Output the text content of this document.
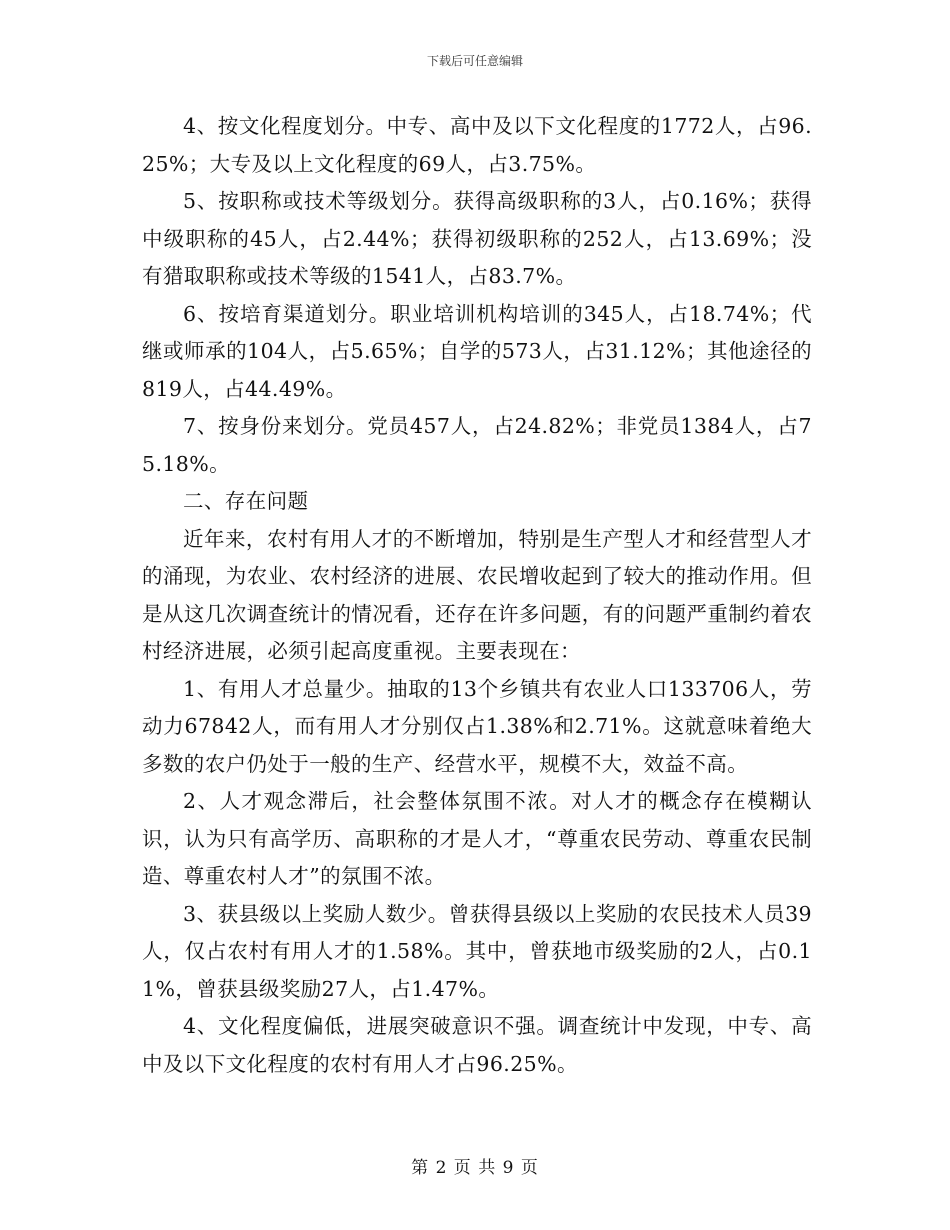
下载后可任意编辑

4、按文化程度划分。中专、高中及以下文化程度的1772人，占96.25%；大专及以上文化程度的69人，占3.75%。

5、按职称或技术等级划分。获得高级职称的3人，占0.16%；获得中级职称的45人，占2.44%；获得初级职称的252人，占13.69%；没有猎取职称或技术等级的1541人，占83.7%。

6、按培育渠道划分。职业培训机构培训的345人，占18.74%；代继或师承的104人，占5.65%；自学的573人，占31.12%；其他途径的819人，占44.49%。

7、按身份来划分。党员457人，占24.82%；非党员1384人，占75.18%。

二、存在问题

近年来，农村有用人才的不断增加，特别是生产型人才和经营型人才的涌现，为农业、农村经济的进展、农民增收起到了较大的推动作用。但是从这几次调查统计的情况看，还存在许多问题，有的问题严重制约着农村经济进展，必须引起高度重视。主要表现在：

1、有用人才总量少。抽取的13个乡镇共有农业人口133706人，劳动力67842人，而有用人才分别仅占1.38%和2.71%。这就意味着绝大多数的农户仍处于一般的生产、经营水平，规模不大，效益不高。

2、人才观念滞后，社会整体氛围不浓。对人才的概念存在模糊认识，认为只有高学历、高职称的才是人才，“尊重农民劳动、尊重农民制造、尊重农村人才”的氛围不浓。

3、获县级以上奖励人数少。曾获得县级以上奖励的农民技术人员39人，仅占农村有用人才的1.58%。其中，曾获地市级奖励的2人，占0.11%，曾获县级奖励27人，占1.47%。

4、文化程度偏低，进展突破意识不强。调查统计中发现，中专、高中及以下文化程度的农村有用人才占96.25%。

第 2 页 共 9 页
